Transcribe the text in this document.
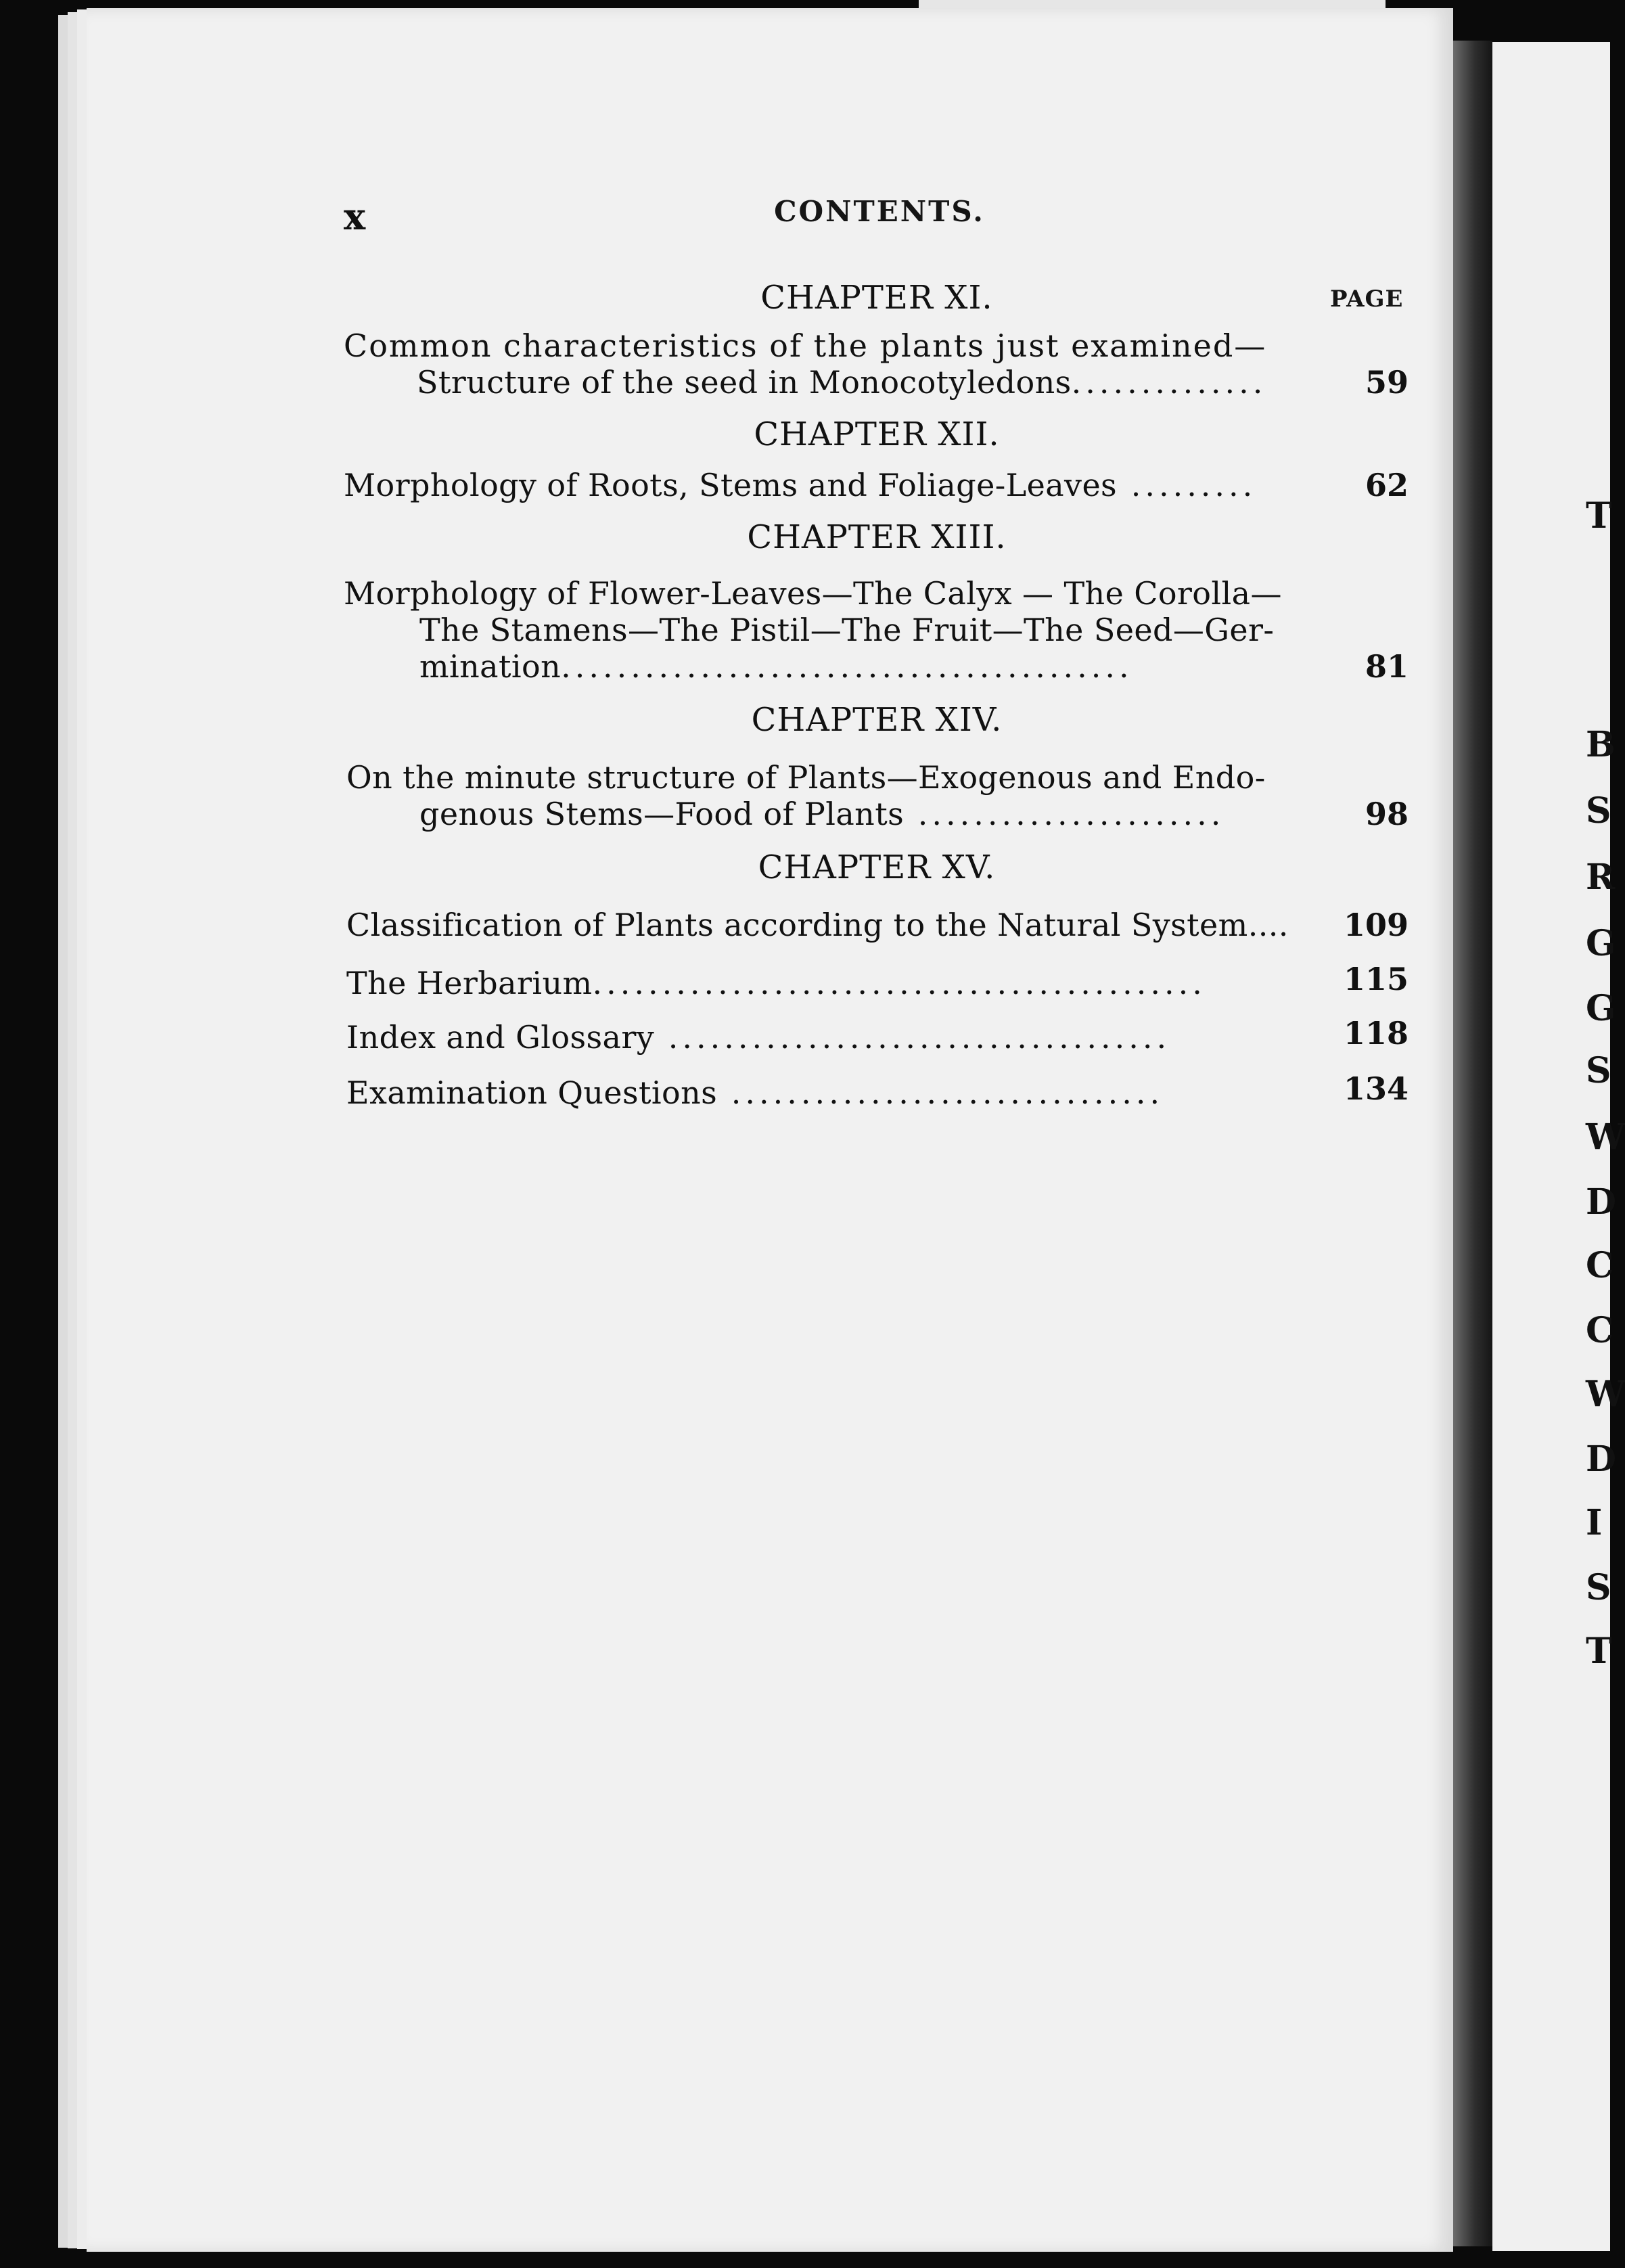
T
B
S
R
G
G
S
W
D
C
C
W
D
I
S
T
x	CONTENTS.
PAGE
CHAPTER XI.
Common characteristics of the plants just examined—
Structure of the seed in Monocotyledons..............	59
CHAPTER XII.
Morphology of Roots, Stems and Foliage-Leaves .........	62
CHAPTER XIII.
Morphology of Flower-Leaves—The Calyx — The Corolla—
The Stamens—The Pistil—The Fruit—The Seed—Ger-
mination.........................................	81
CHAPTER XIV.
On the minute structure of Plants—Exogenous and Endo-
genous Stems—Food of Plants ......................	98
CHAPTER XV.
Classification of Plants according to the Natural System.... 109
The Herbarium............................................	115
Index and Glossary ....................................	118
Examination Questions ...............................	134
